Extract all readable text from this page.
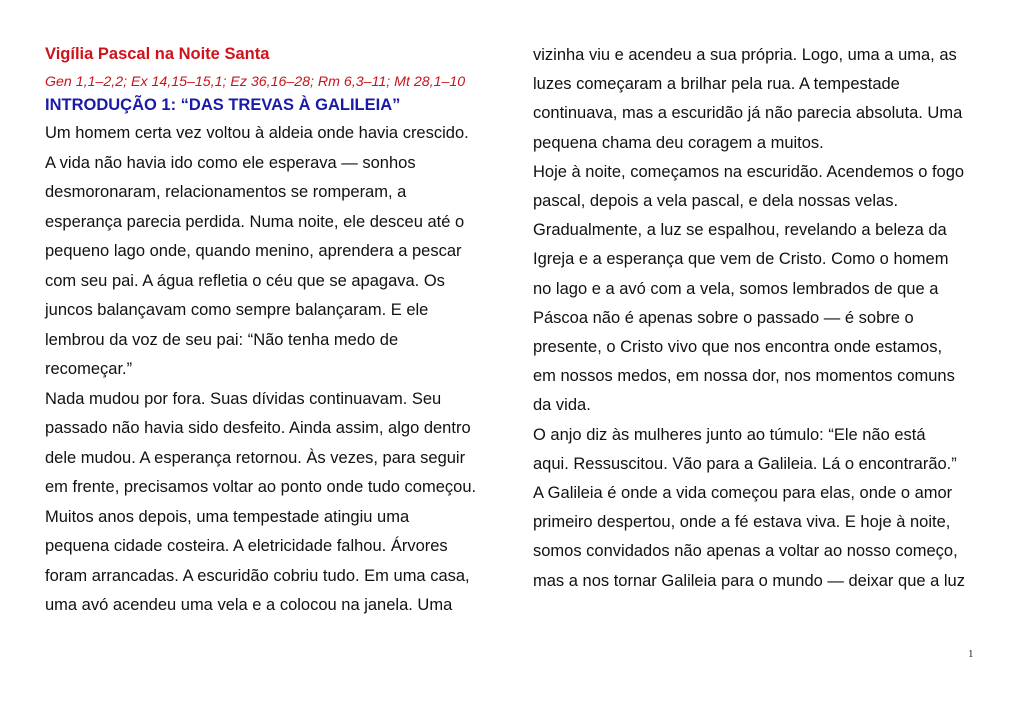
Vigília Pascal na Noite Santa
Gen 1,1–2,2; Ex 14,15–15,1; Ez 36,16–28; Rm 6,3–11; Mt 28,1–10
INTRODUÇÃO 1: “DAS TREVAS À GALILEIA”
Um homem certa vez voltou à aldeia onde havia crescido.
A vida não havia ido como ele esperava — sonhos
desmoronaram, relacionamentos se romperam, a
esperança parecia perdida. Numa noite, ele desceu até o
pequeno lago onde, quando menino, aprendera a pescar
com seu pai. A água refletia o céu que se apagava. Os
juncos balançavam como sempre balançaram. E ele
lembrou da voz de seu pai: “Não tenha medo de
recomeçar.”
Nada mudou por fora. Suas dívidas continuavam. Seu
passado não havia sido desfeito. Ainda assim, algo dentro
dele mudou. A esperança retornou. Às vezes, para seguir
em frente, precisamos voltar ao ponto onde tudo começou.
Muitos anos depois, uma tempestade atingiu uma
pequena cidade costeira. A eletricidade falhou. Árvores
foram arrancadas. A escuridão cobriu tudo. Em uma casa,
uma avó acendeu uma vela e a colocou na janela. Uma
vizinha viu e acendeu a sua própria. Logo, uma a uma, as
luzes começaram a brilhar pela rua. A tempestade
continuava, mas a escuridão já não parecia absoluta. Uma
pequena chama deu coragem a muitos.
Hoje à noite, começamos na escuridão. Acendemos o fogo
pascal, depois a vela pascal, e dela nossas velas.
Gradualmente, a luz se espalhou, revelando a beleza da
Igreja e a esperança que vem de Cristo. Como o homem
no lago e a avó com a vela, somos lembrados de que a
Páscoa não é apenas sobre o passado — é sobre o
presente, o Cristo vivo que nos encontra onde estamos,
em nossos medos, em nossa dor, nos momentos comuns
da vida.
O anjo diz às mulheres junto ao túmulo: “Ele não está
aqui. Ressuscitou. Vão para a Galileia. Lá o encontrarão.”
A Galileia é onde a vida começou para elas, onde o amor
primeiro despertou, onde a fé estava viva. E hoje à noite,
somos convidados não apenas a voltar ao nosso começo,
mas a nos tornar Galileia para o mundo — deixar que a luz
1
